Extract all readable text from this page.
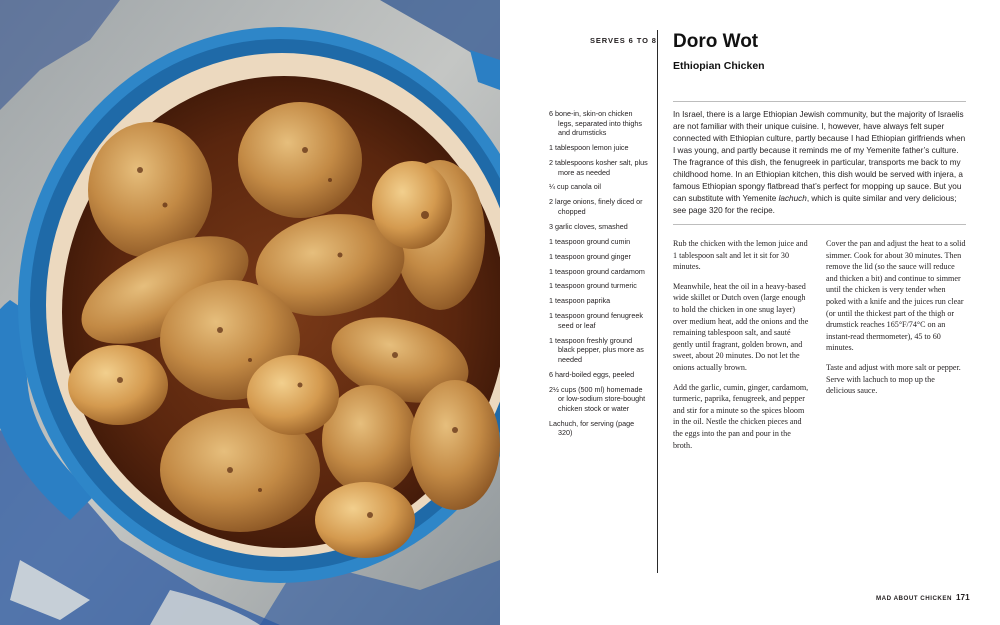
SERVES 6 TO 8 Doro Wot
Ethiopian Chicken
6 bone-in, skin-on chicken legs, separated into thighs and drumsticks
1 tablespoon lemon juice
2 tablespoons kosher salt, plus more as needed
¼ cup canola oil
2 large onions, finely diced or chopped
3 garlic cloves, smashed
1 teaspoon ground cumin
1 teaspoon ground ginger
1 teaspoon ground cardamom
1 teaspoon ground turmeric
1 teaspoon paprika
1 teaspoon ground fenugreek seed or leaf
1 teaspoon freshly ground black pepper, plus more as needed
6 hard-boiled eggs, peeled
2½ cups (500 ml) homemade or low-sodium store-bought chicken stock or water
Lachuch, for serving (page 320)

In Israel, there is a large Ethiopian Jewish community, but the majority of Israelis are not familiar with their unique cuisine. I, however, have always felt super connected with Ethiopian culture, partly because I had Ethiopian girlfriends when I was young, and partly because it reminds me of my Yemenite father’s culture. The fragrance of this dish, the fenugreek in particular, transports me back to my childhood home. In an Ethiopian kitchen, this dish would be served with injera, a famous Ethiopian spongy flatbread that’s perfect for mopping up sauce. But you can substitute with Yemenite lachuch, which is quite similar and very delicious; see page 320 for the recipe.

Rub the chicken with the lemon juice and 1 tablespoon salt and let it sit for 30 minutes.

Meanwhile, heat the oil in a heavy-based wide skillet or Dutch oven (large enough to hold the chicken in one snug layer) over medium heat, add the onions and the remaining tablespoon salt, and sauté gently until fragrant, golden brown, and sweet, about 20 minutes. Do not let the onions actually brown.

Add the garlic, cumin, ginger, cardamom, turmeric, paprika, fenugreek, and pepper and stir for a minute so the spices bloom in the oil. Nestle the chicken pieces and the eggs into the pan and pour in the broth.

Cover the pan and adjust the heat to a solid simmer. Cook for about 30 minutes. Then remove the lid (so the sauce will reduce and thicken a bit) and continue to simmer until the chicken is very tender when poked with a knife and the juices run clear (or until the thickest part of the thigh or drumstick reaches 165°F/74°C on an instant-read thermometer), 45 to 60 minutes.

Taste and adjust with more salt or pepper. Serve with lachuch to mop up the delicious sauce.

MAD ABOUT CHICKEN 171
